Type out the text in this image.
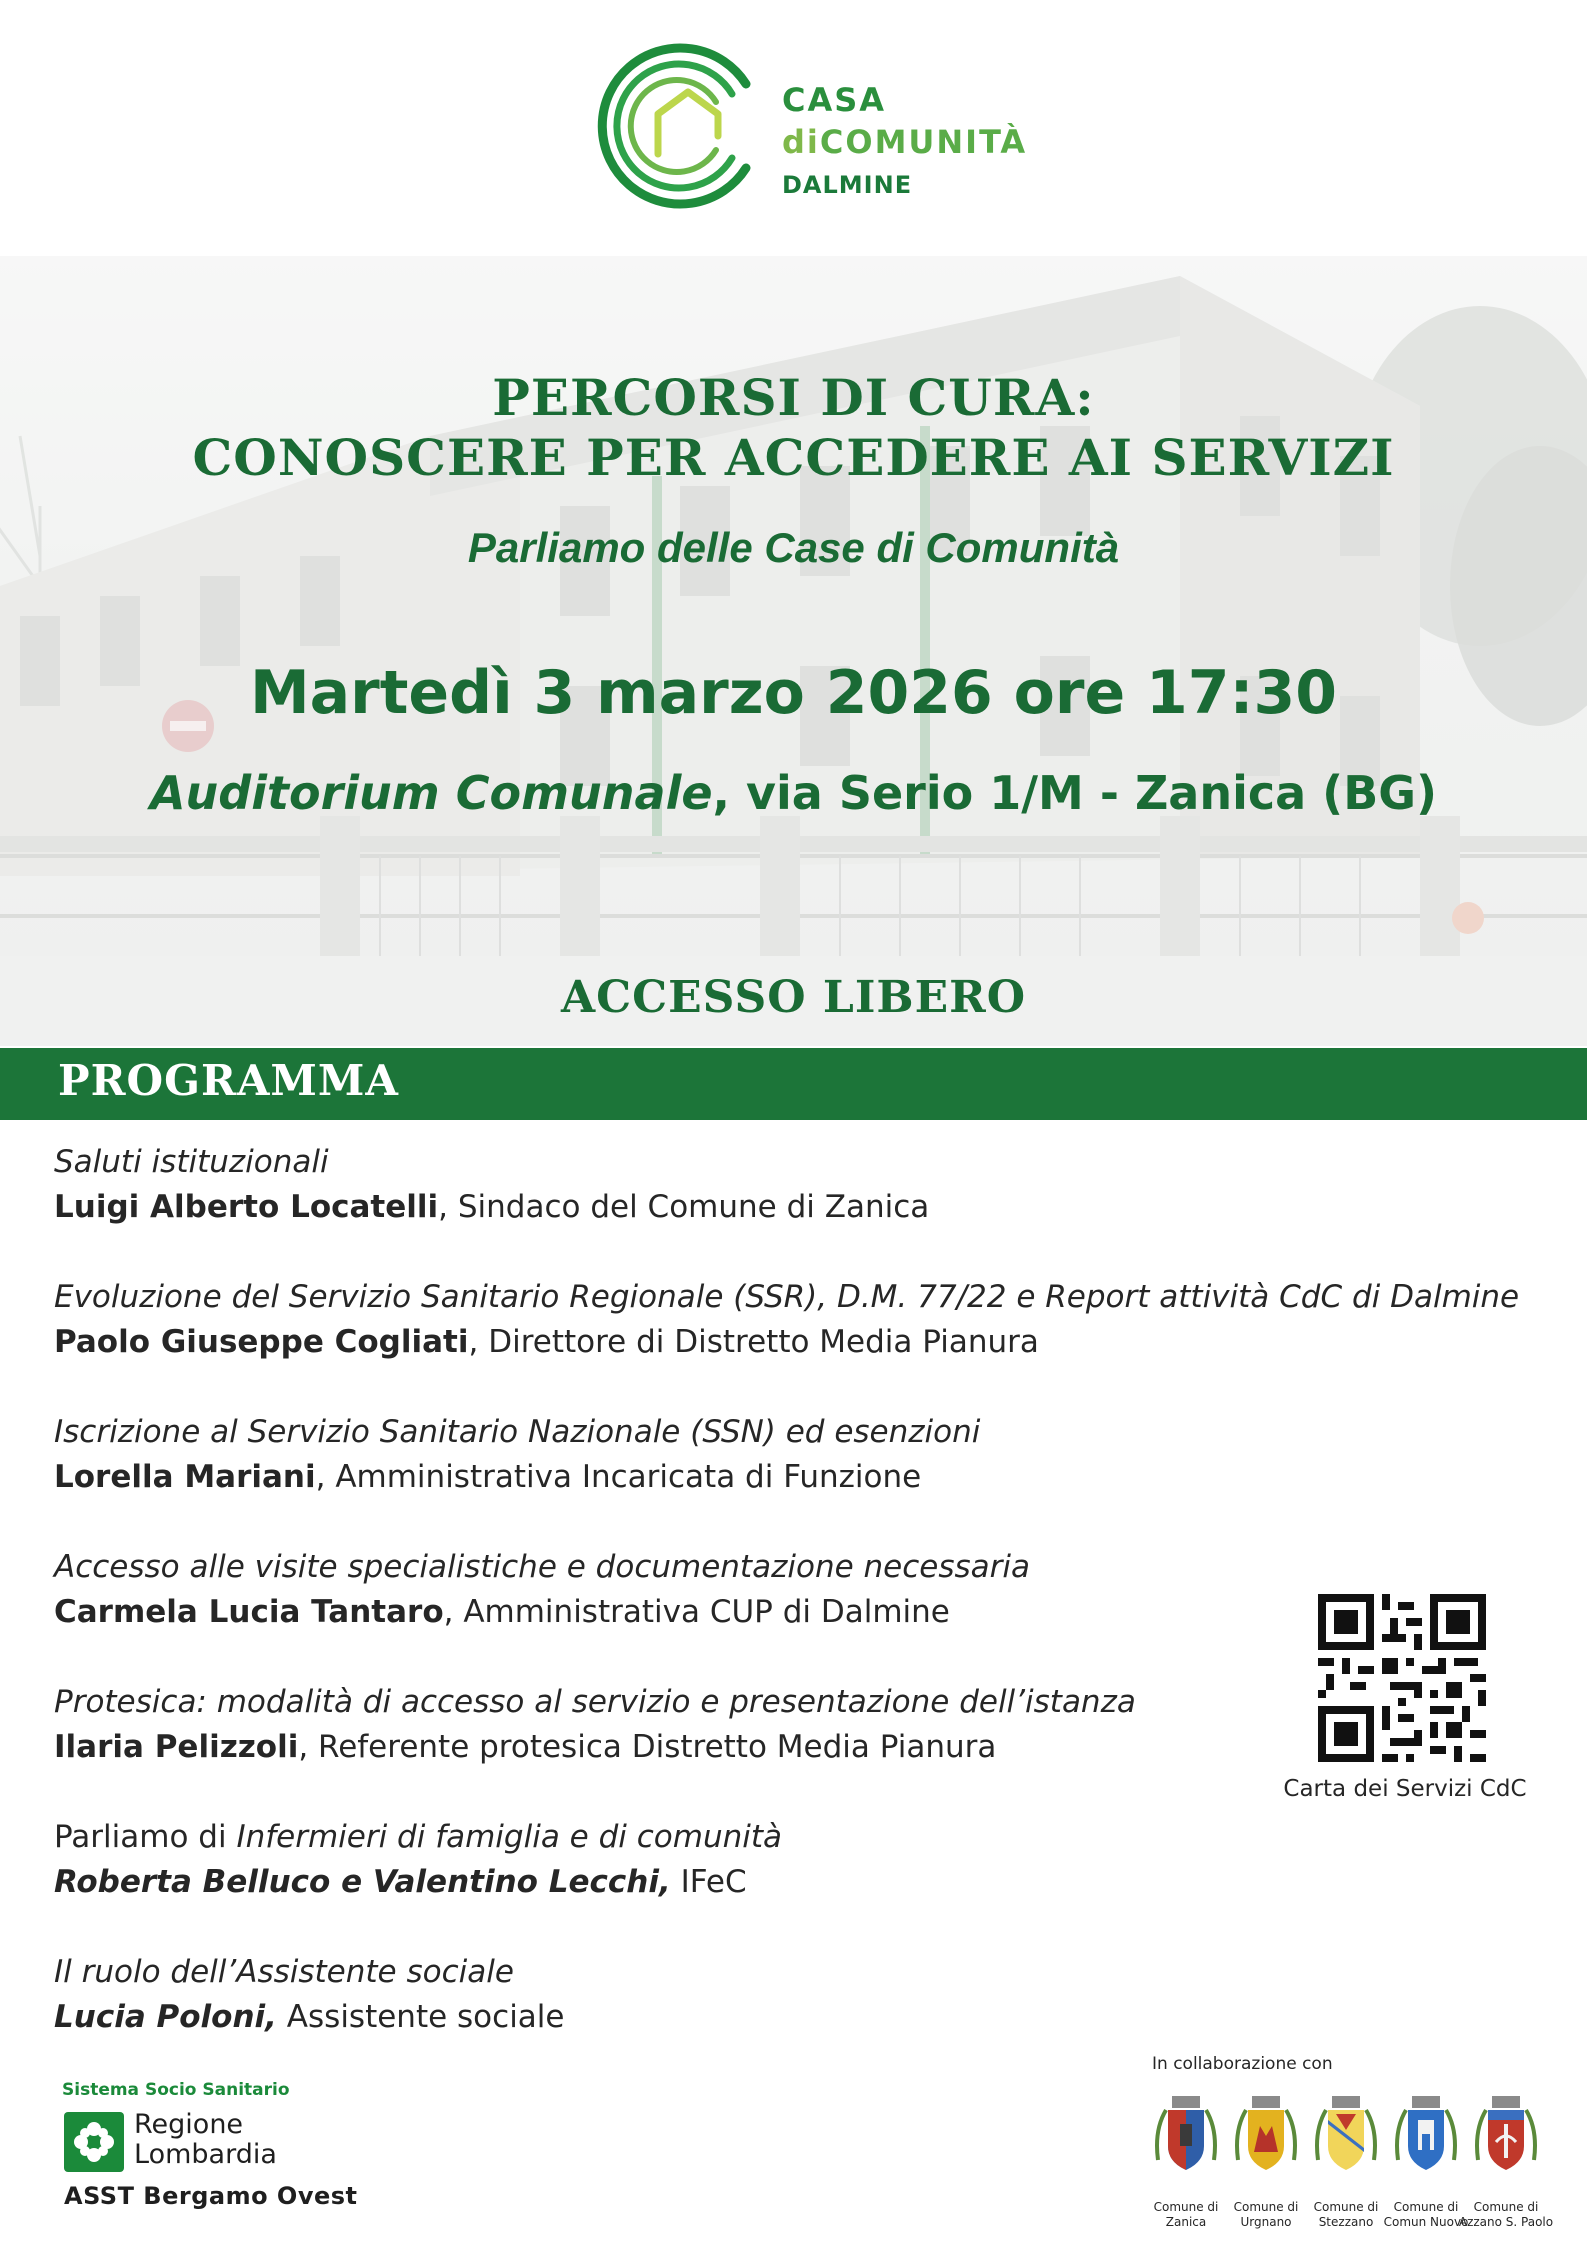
CASA
diCOMUNITÀ
DALMINE
PERCORSI DI CURA:
CONOSCERE PER ACCEDERE AI SERVIZI
Parliamo delle Case di Comunità
Martedì 3 marzo 2026 ore 17:30
Auditorium Comunale, via Serio 1/M - Zanica (BG)
ACCESSO LIBERO
PROGRAMMA
Saluti istituzionali
Luigi Alberto Locatelli, Sindaco del Comune di Zanica
Evoluzione del Servizio Sanitario Regionale (SSR), D.M. 77/22 e Report attività CdC di Dalmine
Paolo Giuseppe Cogliati, Direttore di Distretto Media Pianura
Iscrizione al Servizio Sanitario Nazionale (SSN) ed esenzioni
Lorella Mariani, Amministrativa Incaricata di Funzione
Accesso alle visite specialistiche e documentazione necessaria
Carmela Lucia Tantaro, Amministrativa CUP di Dalmine
Protesica: modalità di accesso al servizio e presentazione dell’istanza
Ilaria Pelizzoli, Referente protesica Distretto Media Pianura
Parliamo di Infermieri di famiglia e di comunità
Roberta Belluco e Valentino Lecchi, IFeC
Il ruolo dell’Assistente sociale
Lucia Poloni, Assistente sociale
Carta dei Servizi CdC
Sistema Socio Sanitario
Regione
Lombardia
ASST Bergamo Ovest
In collaborazione con
Comune di
Zanica
Comune di
Urgnano
Comune di
Stezzano
Comune di
Comun Nuovo
Comune di
Azzano S. Paolo
